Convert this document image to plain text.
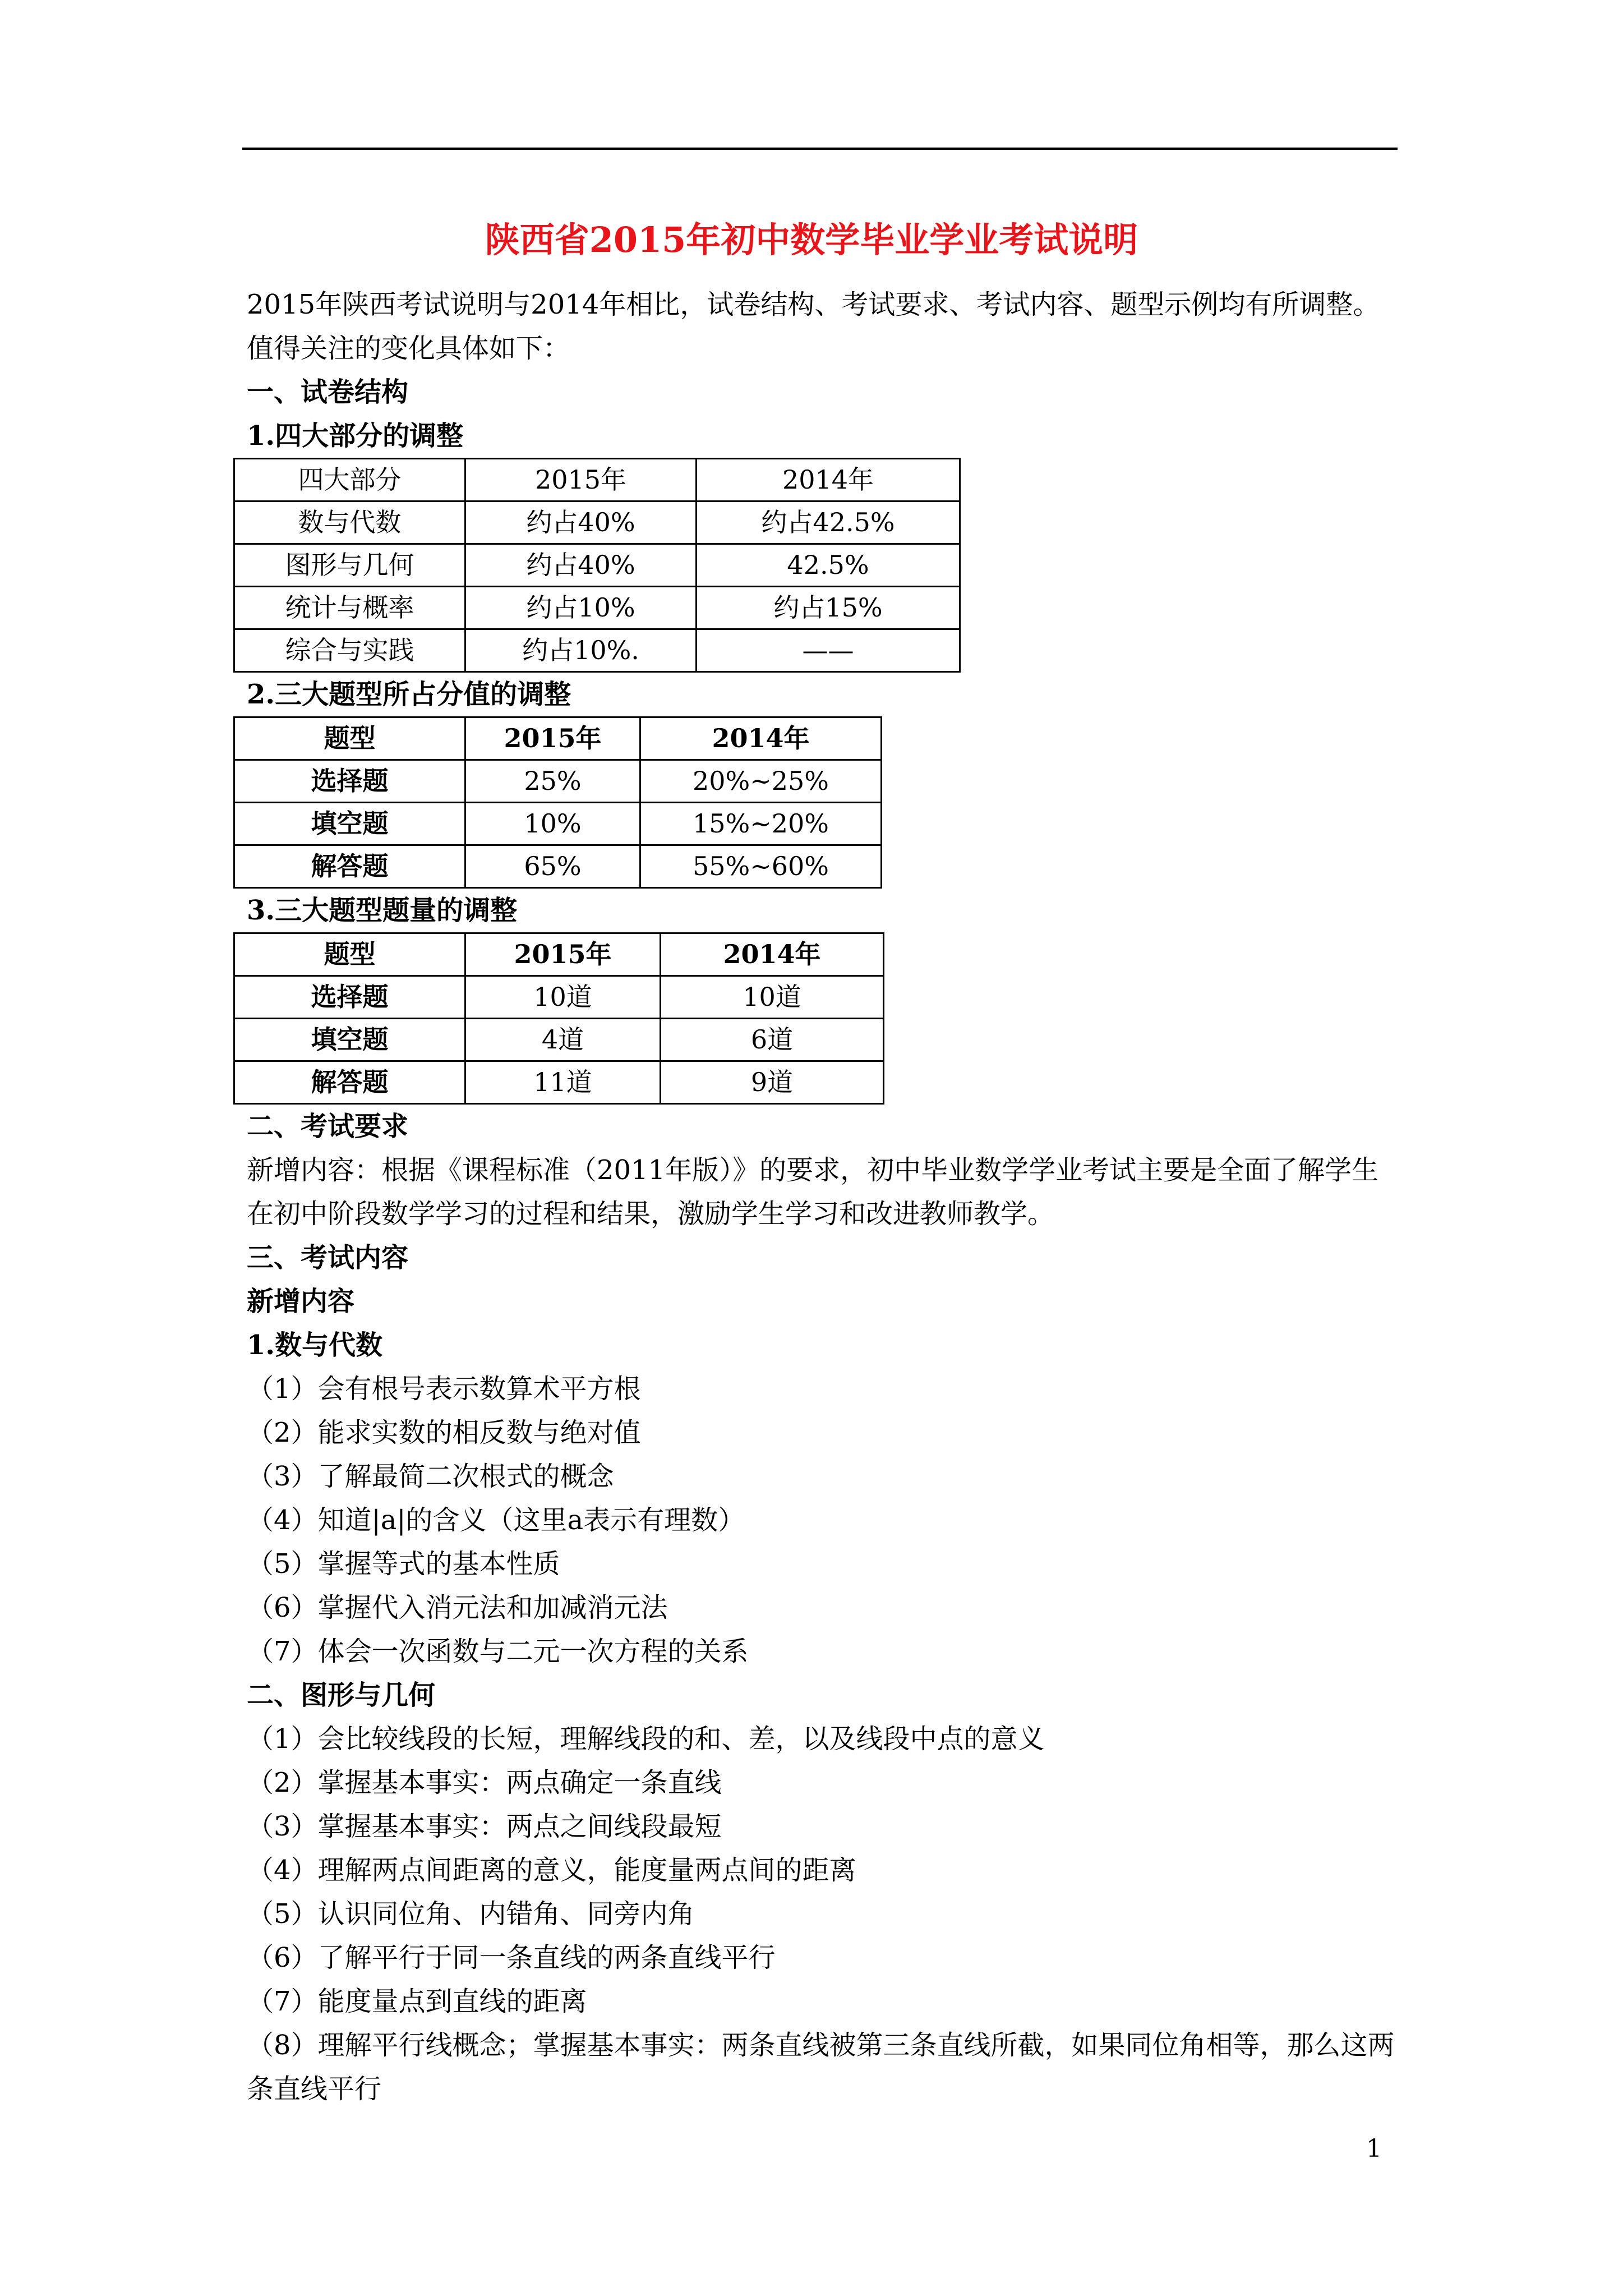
陕西省2015年初中数学毕业学业考试说明

2015年陕西考试说明与2014年相比，试卷结构、考试要求、考试内容、题型示例均有所调整。值得关注的变化具体如下：

一、试卷结构

1.四大部分的调整

四大部分	2015年	2014年
数与代数	约占40%	约占42.5%
图形与几何	约占40%	42.5%
统计与概率	约占10%	约占15%
综合与实践	约占10%.	——

2.三大题型所占分值的调整

题型	2015年	2014年
选择题	25%	20%~25%
填空题	10%	15%~20%
解答题	65%	55%~60%

3.三大题型题量的调整

题型	2015年	2014年
选择题	10道	10道
填空题	4道	6道
解答题	11道	9道

二、考试要求

新增内容：根据《课程标准（2011年版）》的要求，初中毕业数学学业考试主要是全面了解学生在初中阶段数学学习的过程和结果，激励学生学习和改进教师教学。

三、考试内容

新增内容

1.数与代数

（1）会有根号表示数算术平方根

（2）能求实数的相反数与绝对值

（3）了解最简二次根式的概念

（4）知道|a|的含义（这里a表示有理数）

（5）掌握等式的基本性质

（6）掌握代入消元法和加减消元法

（7）体会一次函数与二元一次方程的关系

二、图形与几何

（1）会比较线段的长短，理解线段的和、差，以及线段中点的意义

（2）掌握基本事实：两点确定一条直线

（3）掌握基本事实：两点之间线段最短

（4）理解两点间距离的意义，能度量两点间的距离

（5）认识同位角、内错角、同旁内角

（6）了解平行于同一条直线的两条直线平行

（7）能度量点到直线的距离

（8）理解平行线概念；掌握基本事实：两条直线被第三条直线所截，如果同位角相等，那么这两条直线平行

1
